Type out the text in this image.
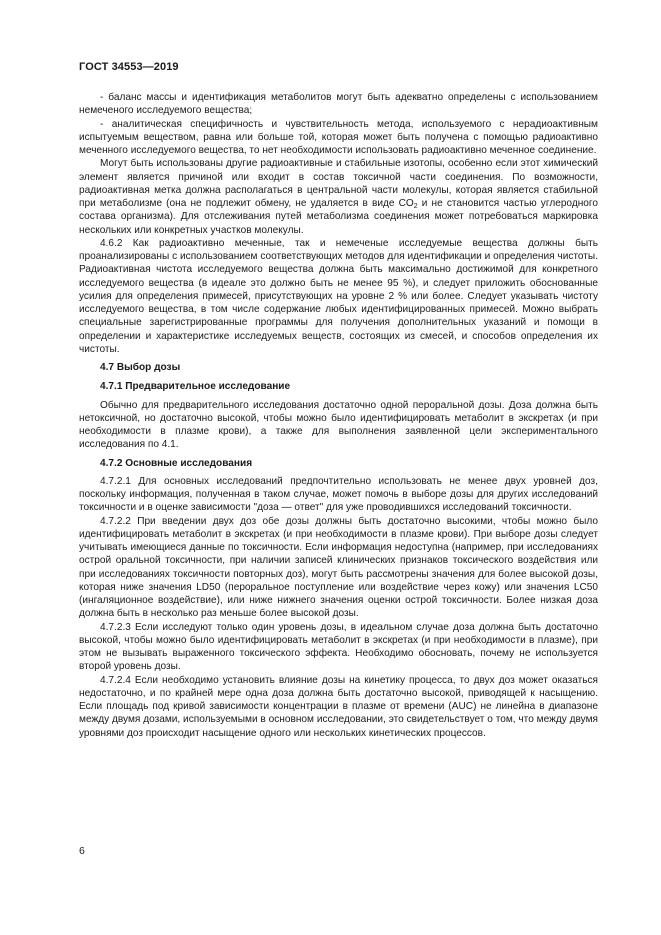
ГОСТ 34553—2019

- баланс массы и идентификация метаболитов могут быть адекватно определены с использованием немеченого исследуемого вещества;

- аналитическая специфичность и чувствительность метода, используемого с нерадиоактивным испытуемым веществом, равна или больше той, которая может быть получена с помощью радиоактивно меченного исследуемого вещества, то нет необходимости использовать радиоактивно меченное соединение.

Могут быть использованы другие радиоактивные и стабильные изотопы, особенно если этот химический элемент является причиной или входит в состав токсичной части соединения. По возможности, радиоактивная метка должна располагаться в центральной части молекулы, которая является стабильной при метаболизме (она не подлежит обмену, не удаляется в виде $CO_2$ и не становится частью углеродного состава организма). Для отслеживания путей метаболизма соединения может потребоваться маркировка нескольких или конкретных участков молекулы.

4.6.2 Как радиоактивно меченные, так и немеченые исследуемые вещества должны быть проанализированы с использованием соответствующих методов для идентификации и определения чистоты. Радиоактивная чистота исследуемого вещества должна быть максимально достижимой для конкретного исследуемого вещества (в идеале это должно быть не менее 95 %), и следует приложить обоснованные усилия для определения примесей, присутствующих на уровне 2 % или более. Следует указывать чистоту исследуемого вещества, в том числе содержание любых идентифицированных примесей. Можно выбрать специальные зарегистрированные программы для получения дополнительных указаний и помощи в определении и характеристике исследуемых веществ, состоящих из смесей, и способов определения их чистоты.

4.7 Выбор дозы

4.7.1 Предварительное исследование

Обычно для предварительного исследования достаточно одной пероральной дозы. Доза должна быть нетоксичной, но достаточно высокой, чтобы можно было идентифицировать метаболит в экскретах (и при необходимости в плазме крови), а также для выполнения заявленной цели экспериментального исследования по 4.1.

4.7.2 Основные исследования

4.7.2.1 Для основных исследований предпочтительно использовать не менее двух уровней доз, поскольку информация, полученная в таком случае, может помочь в выборе дозы для других исследований токсичности и в оценке зависимости "доза — ответ" для уже проводившихся исследований токсичности.

4.7.2.2 При введении двух доз обе дозы должны быть достаточно высокими, чтобы можно было идентифицировать метаболит в экскретах (и при необходимости в плазме крови). При выборе дозы следует учитывать имеющиеся данные по токсичности. Если информация недоступна (например, при исследованиях острой оральной токсичности, при наличии записей клинических признаков токсического воздействия или при исследованиях токсичности повторных доз), могут быть рассмотрены значения для более высокой дозы, которая ниже значения LD50 (пероральное поступление или воздействие через кожу) или значения LC50 (ингаляционное воздействие), или ниже нижнего значения оценки острой токсичности. Более низкая доза должна быть в несколько раз меньше более высокой дозы.

4.7.2.3 Если исследуют только один уровень дозы, в идеальном случае доза должна быть достаточно высокой, чтобы можно было идентифицировать метаболит в экскретах (и при необходимости в плазме), при этом не вызывать выраженного токсического эффекта. Необходимо обосновать, почему не используется второй уровень дозы.

4.7.2.4 Если необходимо установить влияние дозы на кинетику процесса, то двух доз может оказаться недостаточно, и по крайней мере одна доза должна быть достаточно высокой, приводящей к насыщению. Если площадь под кривой зависимости концентрации в плазме от времени (AUC) не линейна в диапазоне между двумя дозами, используемыми в основном исследовании, это свидетельствует о том, что между двумя уровнями доз происходит насыщение одного или нескольких кинетических процессов.

6
